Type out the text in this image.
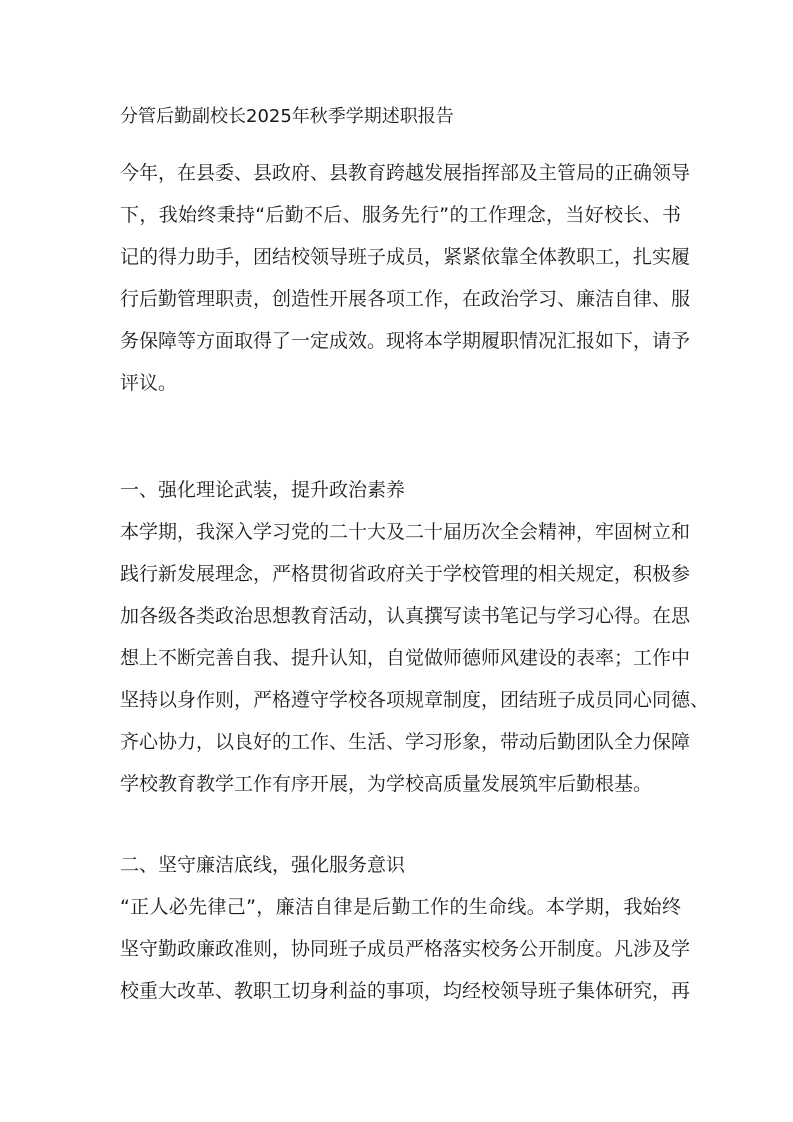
分管后勤副校长2025年秋季学期述职报告
今年，在县委、县政府、县教育跨越发展指挥部及主管局的正确领导
下，我始终秉持“后勤不后、服务先行”的工作理念，当好校长、书
记的得力助手，团结校领导班子成员，紧紧依靠全体教职工，扎实履
行后勤管理职责，创造性开展各项工作，在政治学习、廉洁自律、服
务保障等方面取得了一定成效。现将本学期履职情况汇报如下，请予
评议。
一、强化理论武装，提升政治素养
本学期，我深入学习党的二十大及二十届历次全会精神，牢固树立和
践行新发展理念，严格贯彻省政府关于学校管理的相关规定，积极参
加各级各类政治思想教育活动，认真撰写读书笔记与学习心得。在思
想上不断完善自我、提升认知，自觉做师德师风建设的表率；工作中
坚持以身作则，严格遵守学校各项规章制度，团结班子成员同心同德、
齐心协力，以良好的工作、生活、学习形象，带动后勤团队全力保障
学校教育教学工作有序开展，为学校高质量发展筑牢后勤根基。
二、坚守廉洁底线，强化服务意识
“正人必先律己”，廉洁自律是后勤工作的生命线。本学期，我始终
坚守勤政廉政准则，协同班子成员严格落实校务公开制度。凡涉及学
校重大改革、教职工切身利益的事项，均经校领导班子集体研究，再
